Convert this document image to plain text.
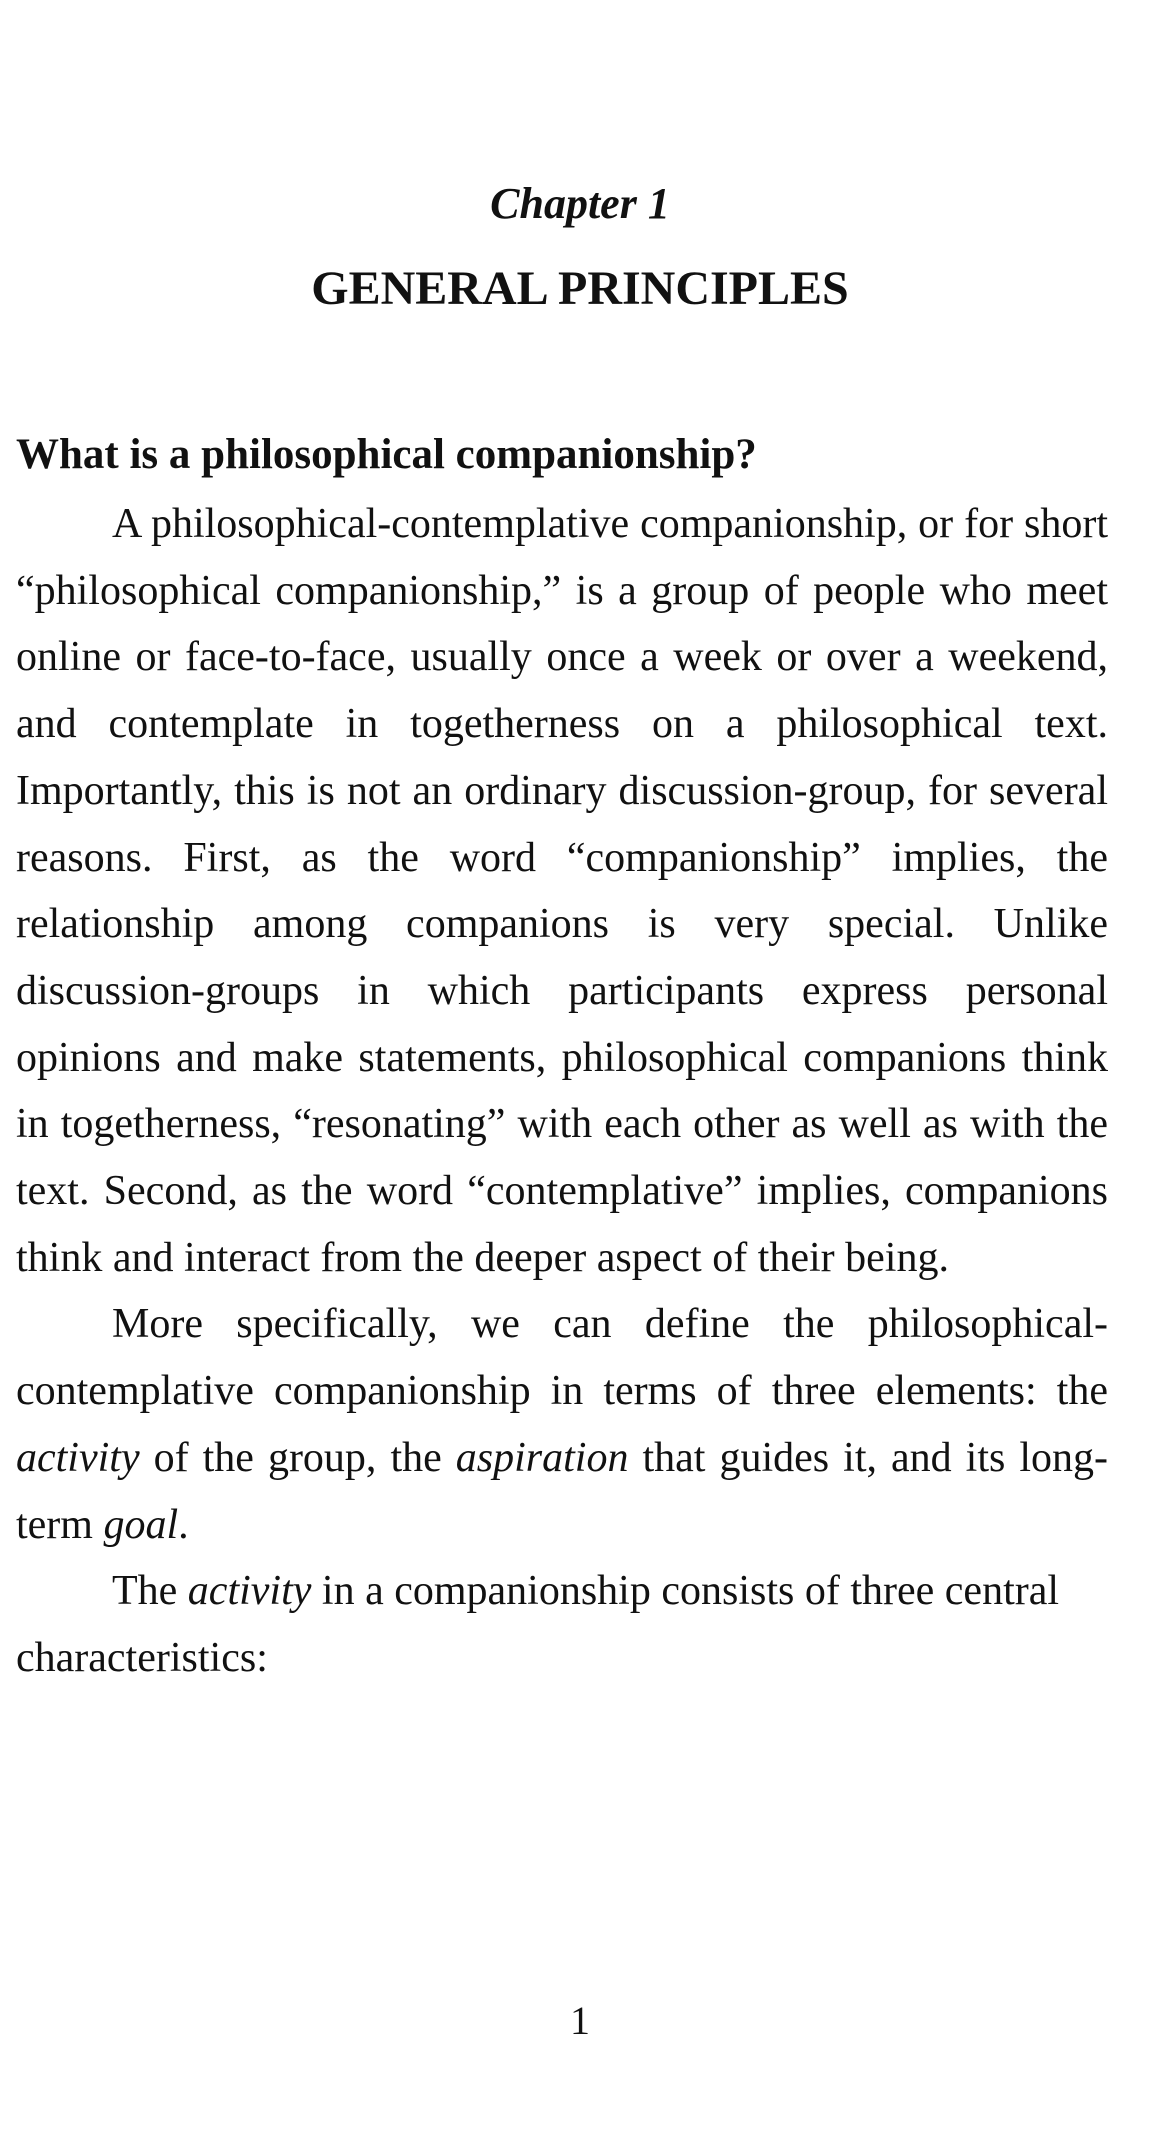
Chapter 1
GENERAL PRINCIPLES
What is a philosophical companionship?

A philosophical-contemplative companionship, or for short “philosophical companionship,” is a group of people who meet online or face-to-face, usually once a week or over a weekend, and contemplate in togetherness on a philosophical text. Importantly, this is not an ordinary discussion-group, for several reasons. First, as the word “companionship” implies, the relationship among companions is very special. Unlike discussion-groups in which participants express personal opinions and make statements, philosophical companions think in togetherness, “resonating” with each other as well as with the text. Second, as the word “contemplative” implies, companions think and interact from the deeper aspect of their being.

More specifically, we can define the philosophical-contemplative companionship in terms of three elements: the activity of the group, the aspiration that guides it, and its long-term goal.

The activity in a companionship consists of three central characteristics:

1
